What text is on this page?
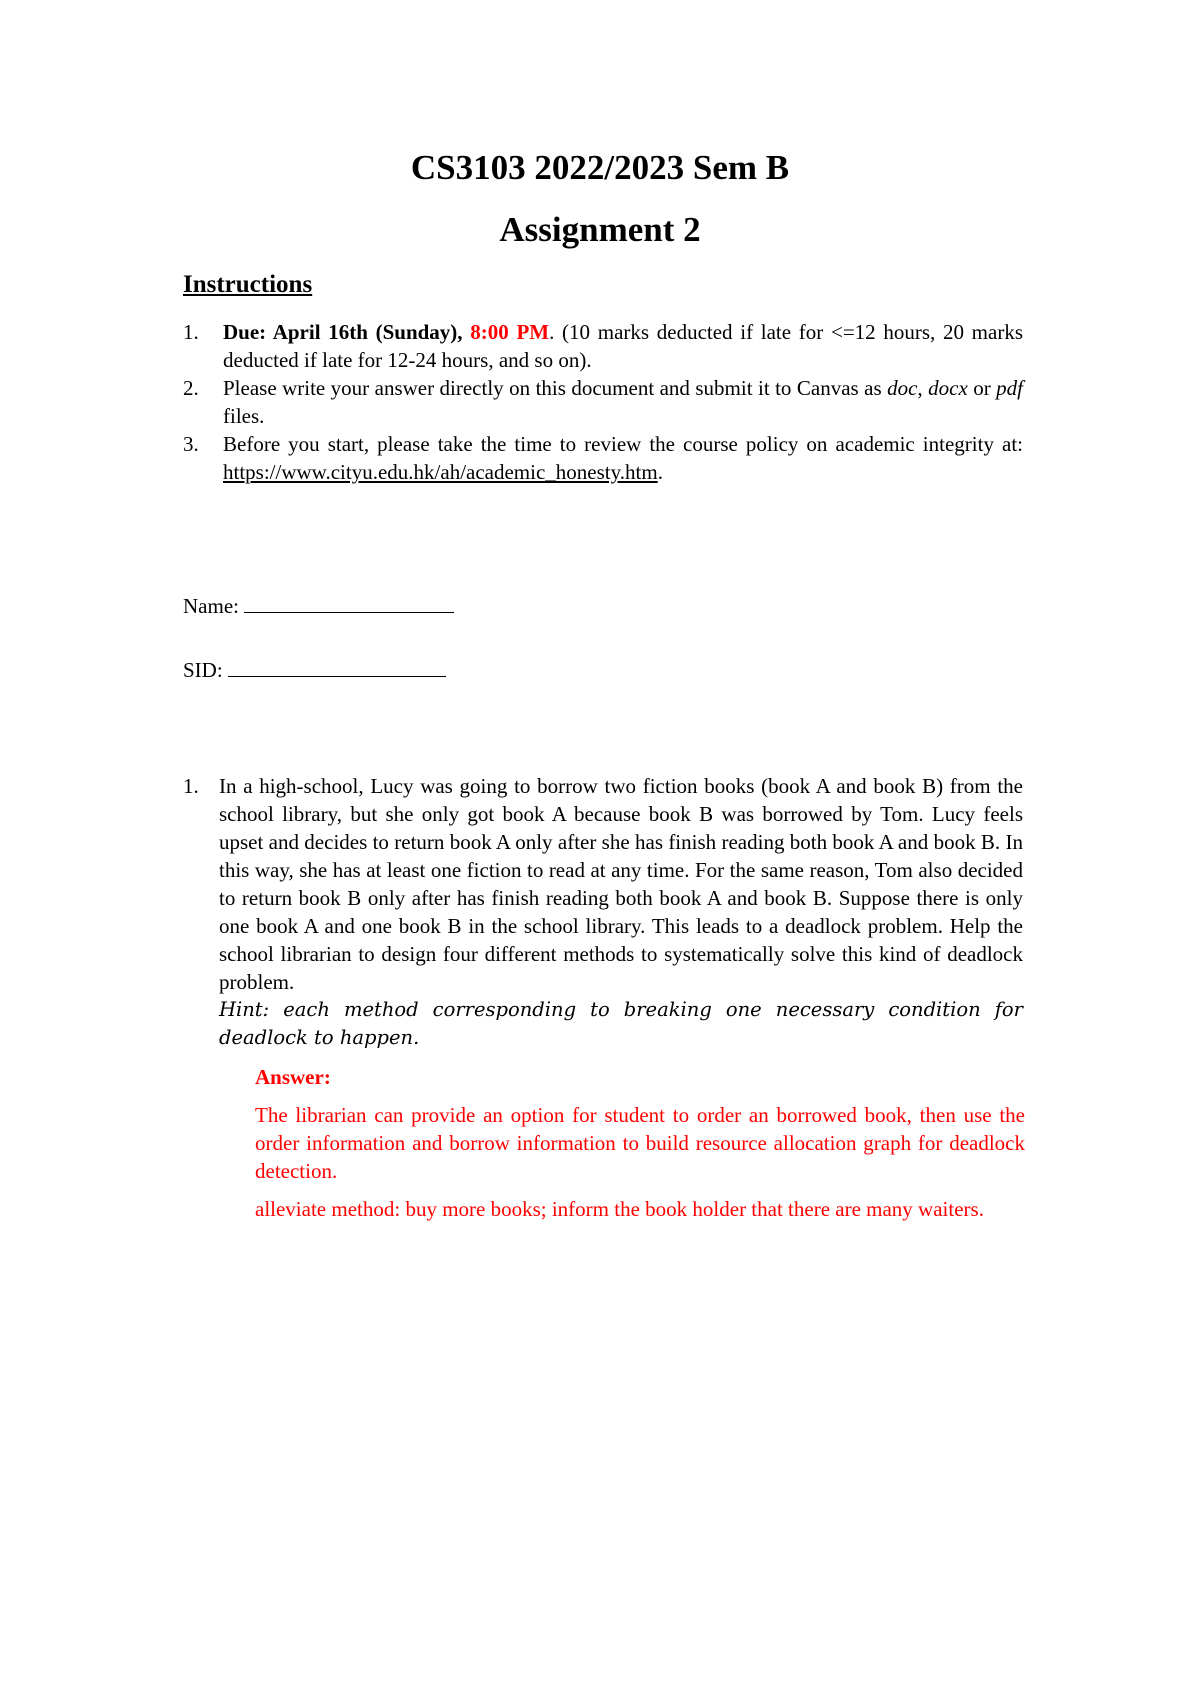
CS3103 2022/2023 Sem B
Assignment 2
Instructions
1. Due: April 16th (Sunday), 8:00 PM. (10 marks deducted if late for <=12 hours, 20 marks deducted if late for 12-24 hours, and so on).
2. Please write your answer directly on this document and submit it to Canvas as doc, docx or pdf files.
3. Before you start, please take the time to review the course policy on academic integrity at: https://www.cityu.edu.hk/ah/academic_honesty.htm.

Name:

SID:

1. In a high-school, Lucy was going to borrow two fiction books (book A and book B) from the school library, but she only got book A because book B was borrowed by Tom. Lucy feels upset and decides to return book A only after she has finish reading both book A and book B. In this way, she has at least one fiction to read at any time. For the same reason, Tom also decided to return book B only after has finish reading both book A and book B. Suppose there is only one book A and one book B in the school library. This leads to a deadlock problem. Help the school librarian to design four different methods to systematically solve this kind of deadlock problem.

Hint: each method corresponding to breaking one necessary condition for deadlock to happen.

Answer:

The librarian can provide an option for student to order an borrowed book, then use the order information and borrow information to build resource allocation graph for deadlock detection.

alleviate method: buy more books; inform the book holder that there are many waiters.
